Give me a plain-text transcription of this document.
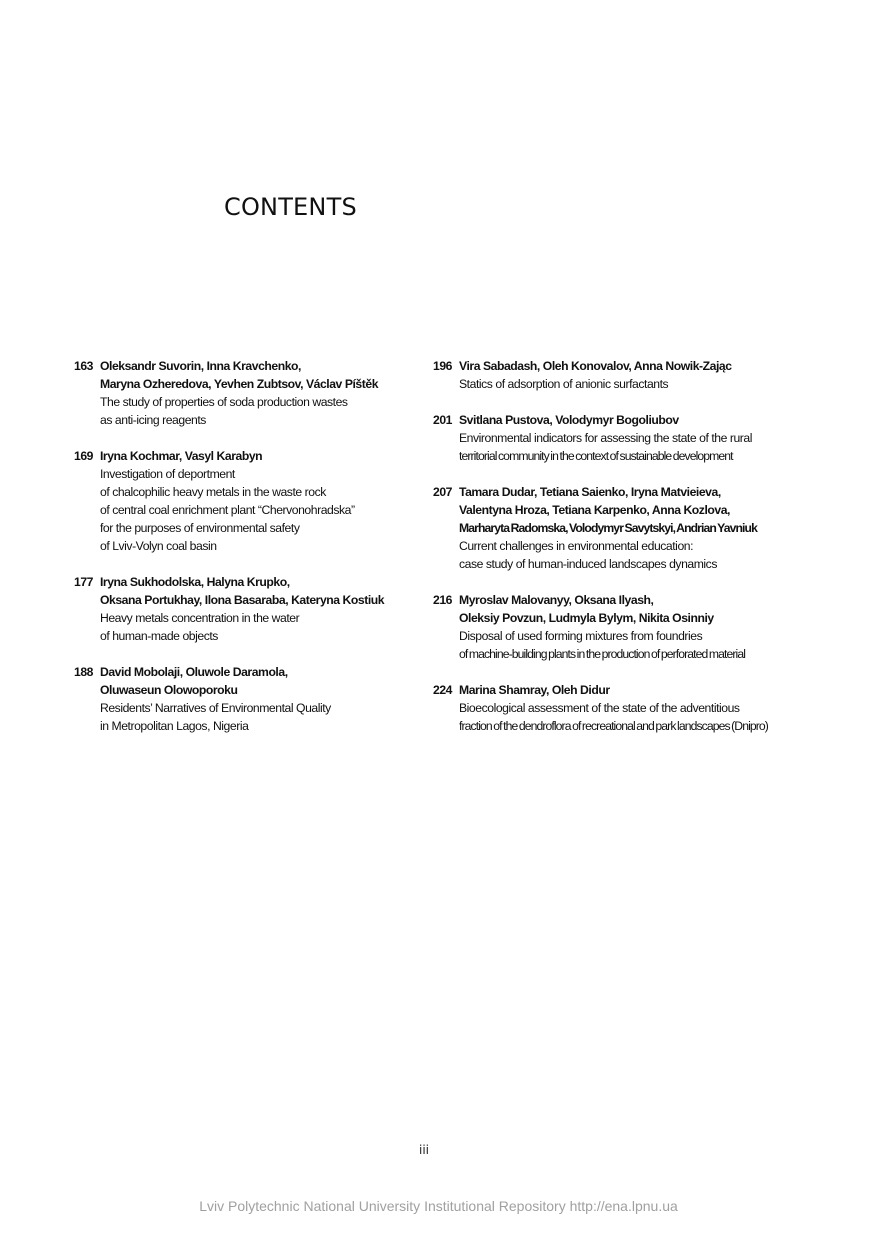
CONTENTS
163 Oleksandr Suvorin, Inna Kravchenko,
Maryna Ozheredova, Yevhen Zubtsov, Václav Píštěk
The study of properties of soda production wastes
as anti-icing reagents
169 Iryna Kochmar, Vasyl Karabyn
Investigation of deportment
of chalcophilic heavy metals in the waste rock
of central coal enrichment plant “Chervonohradska”
for the purposes of environmental safety
of Lviv-Volyn coal basin
177 Iryna Sukhodolska, Halyna Krupko,
Oksana Portukhay, Ilona Basaraba, Kateryna Kostiuk
Heavy metals concentration in the water
of human-made objects
188 David Mobolaji, Oluwole Daramola,
Oluwaseun Olowoporoku
Residents’ Narratives of Environmental Quality
in Metropolitan Lagos, Nigeria
196 Vira Sabadash, Oleh Konovalov, Anna Nowik-Zając
Statics of adsorption of anionic surfactants
201 Svitlana Pustova, Volodymyr Bogoliubov
Environmental indicators for assessing the state of the rural
territorial community in the context of sustainable development
207 Tamara Dudar, Tetiana Saienko, Iryna Matvieieva,
Valentyna Hroza, Tetiana Karpenko, Anna Kozlova,
Marharyta Radomska, Volodymyr Savytskyi, Andrian Yavniuk
Current challenges in environmental education:
case study of human-induced landscapes dynamics
216 Myroslav Malovanyy, Oksana Ilyash,
Oleksiy Povzun, Ludmyla Bylym, Nikita Osinniy
Disposal of used forming mixtures from foundries
of machine-building plants in the production of perforated material
224 Marina Shamray, Oleh Didur
Bioecological assessment of the state of the adventitious
fraction of the dendroflora of recreational and park landscapes (Dnipro)
iii
Lviv Polytechnic National University Institutional Repository http://ena.lpnu.ua
